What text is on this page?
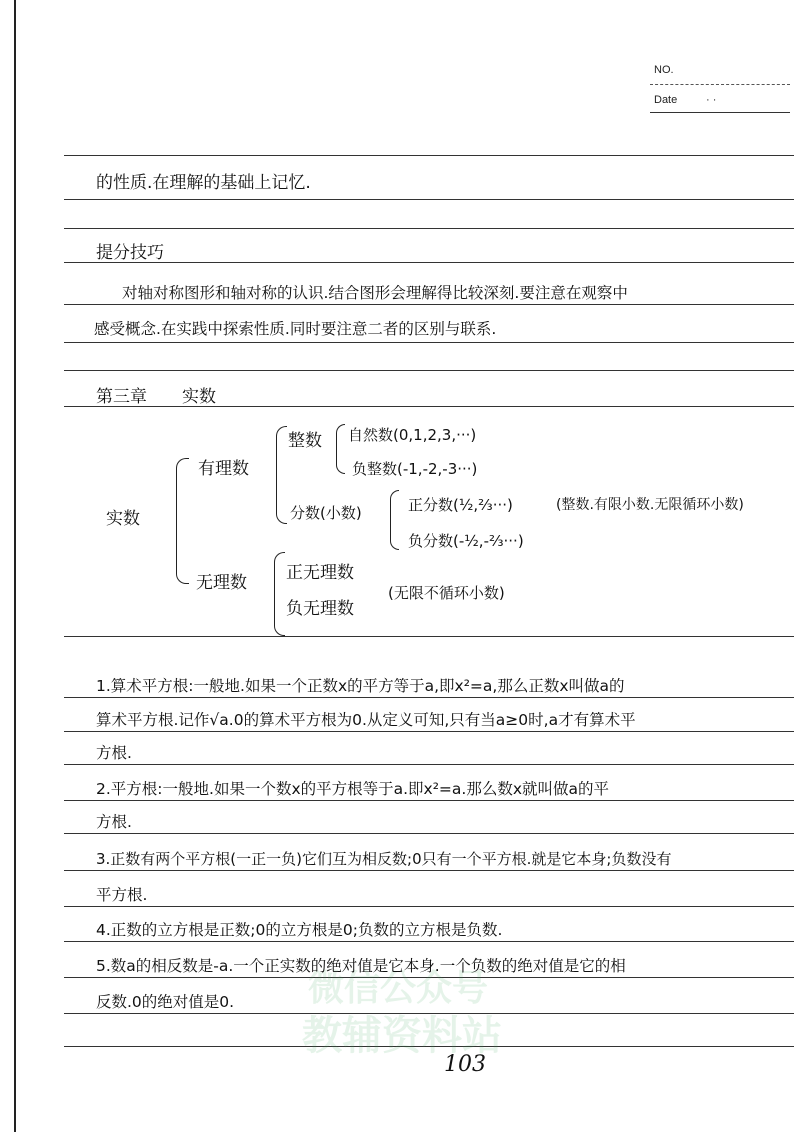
NO.
Date	· ·
微信公众号
教辅资料站
的性质.在理解的基础上记忆.
提分技巧
对轴对称图形和轴对称的认识.结合图形会理解得比较深刻.要注意在观察中
感受概念.在实践中探索性质.同时要注意二者的区别与联系.
第三章 实数
实数
有理数
整数 自然数(0,1,2,3,···)
负整数(-1,-2,-3···)
分数(小数)	正分数(½,⅔···)	(整数.有限小数.无限循环小数)
负分数(-½,-⅔···)
无理数 正无理数
负无理数
(无限不循环小数)
1.算术平方根:一般地.如果一个正数x的平方等于a,即x²=a,那么正数x叫做a的
算术平方根.记作√a.0的算术平方根为0.从定义可知,只有当a≥0时,a才有算术平
方根.
2.平方根:一般地.如果一个数x的平方根等于a.即x²=a.那么数x就叫做a的平
方根.
3.正数有两个平方根(一正一负)它们互为相反数;0只有一个平方根.就是它本身;负数没有
平方根.
4.正数的立方根是正数;0的立方根是0;负数的立方根是负数.
5.数a的相反数是-a.一个正实数的绝对值是它本身.一个负数的绝对值是它的相
反数.0的绝对值是0.
103
